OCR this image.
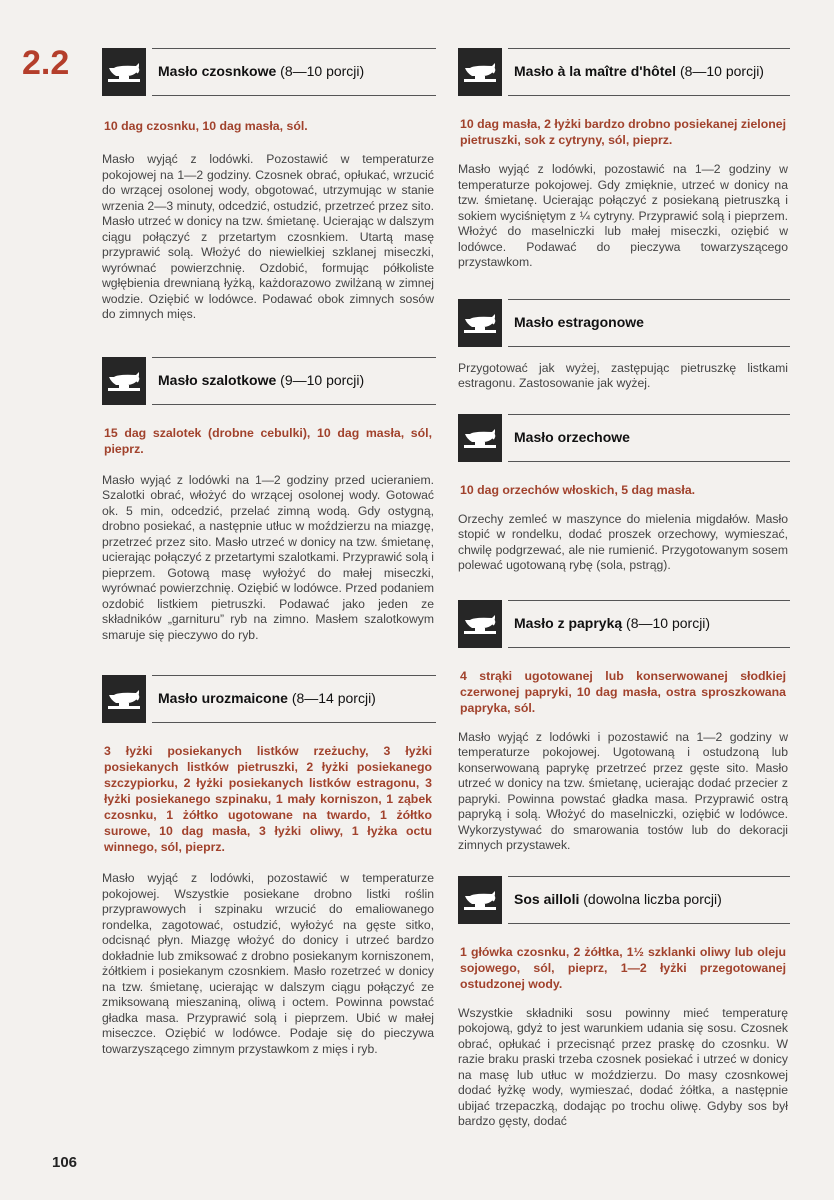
2.2	Masło czosnkowe (8—10 porcji)
10 dag czosnku, 10 dag masła, sól.
Masło wyjąć z lodówki. Pozostawić w temperaturze pokojowej na 1—2 godziny. Czosnek obrać, opłukać, wrzucić do wrzącej osolonej wody, obgotować, utrzymując w stanie wrzenia 2—3 minuty, odcedzić, ostudzić, przetrzeć przez sito. Masło utrzeć w donicy na tzw. śmietanę. Ucierając w dalszym ciągu połączyć z przetartym czosnkiem. Utartą masę przyprawić solą. Włożyć do niewielkiej szklanej miseczki, wyrównać powierzchnię. Ozdobić, formując półkoliste wgłębienia drewnianą łyżką, każdorazowo zwilżaną w zimnej wodzie. Oziębić w lodówce. Podawać obok zimnych sosów do zimnych mięs.
Masło szalotkowe (9—10 porcji)
15 dag szalotek (drobne cebulki), 10 dag masła, sól, pieprz.
Masło wyjąć z lodówki na 1—2 godziny przed ucieraniem. Szalotki obrać, włożyć do wrzącej osolonej wody. Gotować ok. 5 min, odcedzić, przelać zimną wodą. Gdy ostygną, drobno posiekać, a następnie utłuc w moździerzu na miazgę, przetrzeć przez sito. Masło utrzeć w donicy na tzw. śmietanę, ucierając połączyć z przetartymi szalotkami. Przyprawić solą i pieprzem. Gotową masę wyłożyć do małej miseczki, wyrównać powierzchnię. Oziębić w lodówce. Przed podaniem ozdobić listkiem pietruszki. Podawać jako jeden ze składników „garnituru” ryb na zimno. Masłem szalotkowym smaruje się pieczywo do ryb.
Masło urozmaicone (8—14 porcji)
3 łyżki posiekanych listków rzeżuchy, 3 łyżki posiekanych listków pietruszki, 2 łyżki posiekanego szczypiorku, 2 łyżki posiekanych listków estragonu, 3 łyżki posiekanego szpinaku, 1 mały korniszon, 1 ząbek czosnku, 1 żółtko ugotowane na twardo, 1 żółtko surowe, 10 dag masła, 3 łyżki oliwy, 1 łyżka octu winnego, sól, pieprz.
Masło wyjąć z lodówki, pozostawić w temperaturze pokojowej. Wszystkie posiekane drobno listki roślin przyprawowych i szpinaku wrzucić do emaliowanego rondelka, zagotować, ostudzić, wyłożyć na gęste sitko, odcisnąć płyn. Miazgę włożyć do donicy i utrzeć bardzo dokładnie lub zmiksować z drobno posiekanym korniszonem, żółtkiem i posiekanym czosnkiem. Masło rozetrzeć w donicy na tzw. śmietanę, ucierając w dalszym ciągu połączyć ze zmiksowaną mieszaniną, oliwą i octem. Powinna powstać gładka masa. Przyprawić solą i pieprzem. Ubić w małej miseczce. Oziębić w lodówce. Podaje się do pieczywa towarzyszącego zimnym przystawkom z mięs i ryb.
Masło à la maître d'hôtel (8—10 porcji)
10 dag masła, 2 łyżki bardzo drobno posiekanej zielonej pietruszki, sok z cytryny, sól, pieprz.
Masło wyjąć z lodówki, pozostawić na 1—2 godziny w temperaturze pokojowej. Gdy zmięknie, utrzeć w donicy na tzw. śmietanę. Ucierając połączyć z posiekaną pietruszką i sokiem wyciśniętym z ¼ cytryny. Przyprawić solą i pieprzem. Włożyć do maselniczki lub małej miseczki, oziębić w lodówce. Podawać do pieczywa towarzyszącego przystawkom.
Masło estragonowe
Przygotować jak wyżej, zastępując pietruszkę listkami estragonu. Zastosowanie jak wyżej.
Masło orzechowe
10 dag orzechów włoskich, 5 dag masła.
Orzechy zemleć w maszynce do mielenia migdałów. Masło stopić w rondelku, dodać proszek orzechowy, wymieszać, chwilę podgrzewać, ale nie rumienić. Przygotowanym sosem polewać ugotowaną rybę (sola, pstrąg).
Masło z papryką (8—10 porcji)
4 strąki ugotowanej lub konserwowanej słodkiej czerwonej papryki, 10 dag masła, ostra sproszkowana papryka, sól.
Masło wyjąć z lodówki i pozostawić na 1—2 godziny w temperaturze pokojowej. Ugotowaną i ostudzoną lub konserwowaną paprykę przetrzeć przez gęste sito. Masło utrzeć w donicy na tzw. śmietanę, ucierając dodać przecier z papryki. Powinna powstać gładka masa. Przyprawić ostrą papryką i solą. Włożyć do maselniczki, oziębić w lodówce. Wykorzystywać do smarowania tostów lub do dekoracji zimnych przystawek.
Sos ailloli (dowolna liczba porcji)
1 główka czosnku, 2 żółtka, 1½ szklanki oliwy lub oleju sojowego, sól, pieprz, 1—2 łyżki przegotowanej ostudzonej wody.
Wszystkie składniki sosu powinny mieć temperaturę pokojową, gdyż to jest warunkiem udania się sosu. Czosnek obrać, opłukać i przecisnąć przez praskę do czosnku. W razie braku praski trzeba czosnek posiekać i utrzeć w donicy na masę lub utłuc w moździerzu. Do masy czosnkowej dodać łyżkę wody, wymieszać, dodać żółtka, a następnie ubijać trzepaczką, dodając po trochu oliwę. Gdyby sos był bardzo gęsty, dodać
106
